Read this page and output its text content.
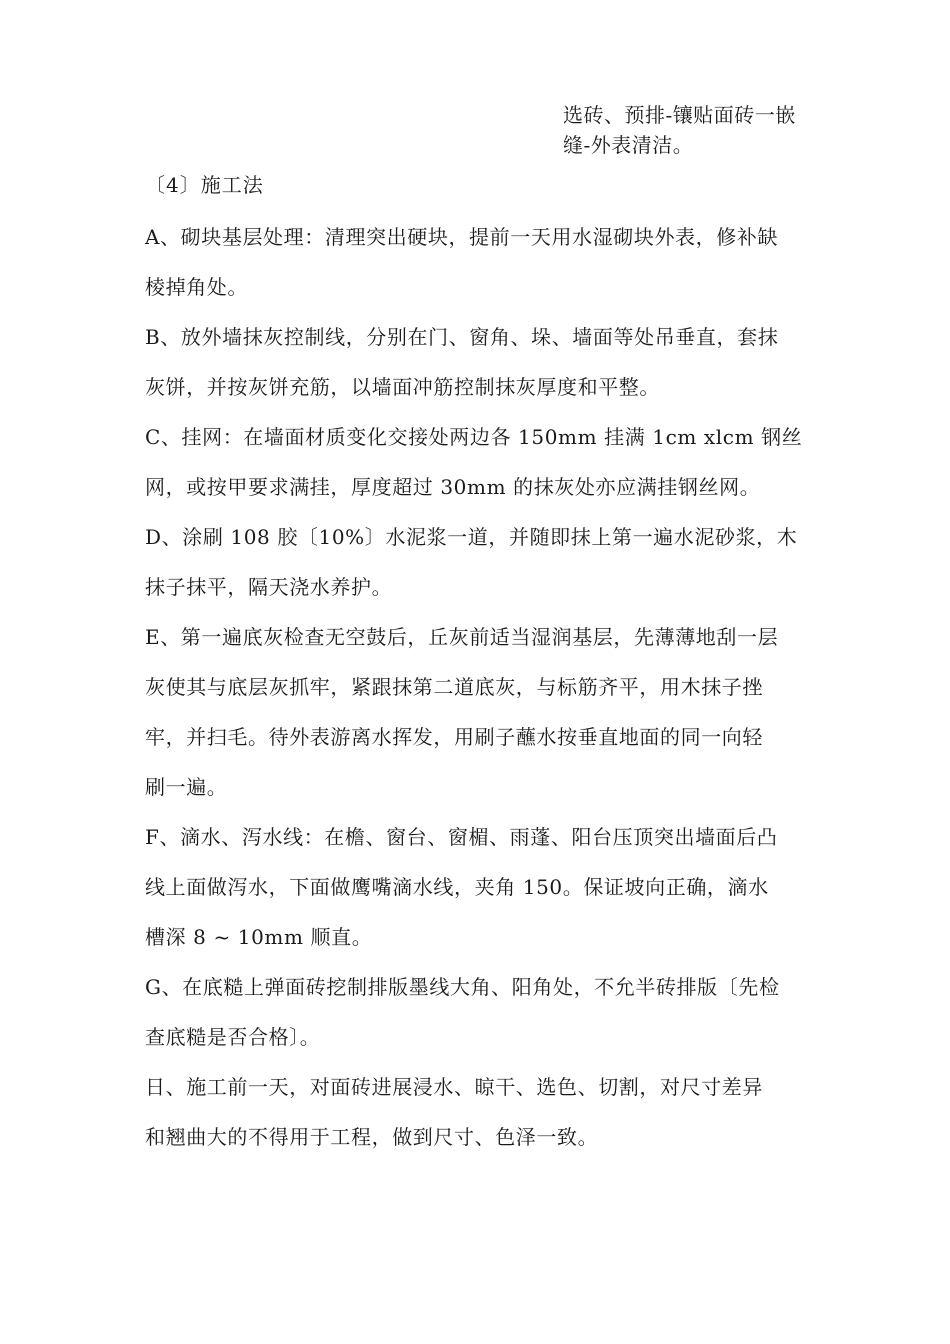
选砖、预排-镶贴面砖一嵌
缝-外表清洁。
〔4〕施工法
A、砌块基层处理：清理突出硬块，提前一天用水湿砌块外表，修补缺
棱掉角处。
B、放外墙抹灰控制线，分别在门、窗角、垛、墙面等处吊垂直，套抹
灰饼，并按灰饼充筋，以墙面冲筋控制抹灰厚度和平整。
C、挂网：在墙面材质变化交接处两边各 150mm 挂满 1cm xlcm 钢丝
网，或按甲要求满挂，厚度超过 30mm 的抹灰处亦应满挂钢丝网。
D、涂刷 108 胶〔10%〕水泥浆一道，并随即抹上第一遍水泥砂浆，木
抹子抹平，隔天浇水养护。
E、第一遍底灰检查无空鼓后，丘灰前适当湿润基层，先薄薄地刮一层
灰使其与底层灰抓牢，紧跟抹第二道底灰，与标筋齐平，用木抹子挫
牢，并扫毛。待外表游离水挥发，用刷子蘸水按垂直地面的同一向轻
刷一遍。
F、滴水、泻水线：在檐、窗台、窗楣、雨蓬、阳台压顶突出墙面后凸
线上面做泻水，下面做鹰嘴滴水线，夹角 150。保证坡向正确，滴水
槽深 8 ~ 10mm 顺直。
G、在底糙上弹面砖挖制排版墨线大角、阳角处，不允半砖排版〔先检
查底糙是否合格〕。
日、施工前一天，对面砖进展浸水、晾干、选色、切割，对尺寸差异
和翘曲大的不得用于工程，做到尺寸、色泽一致。
